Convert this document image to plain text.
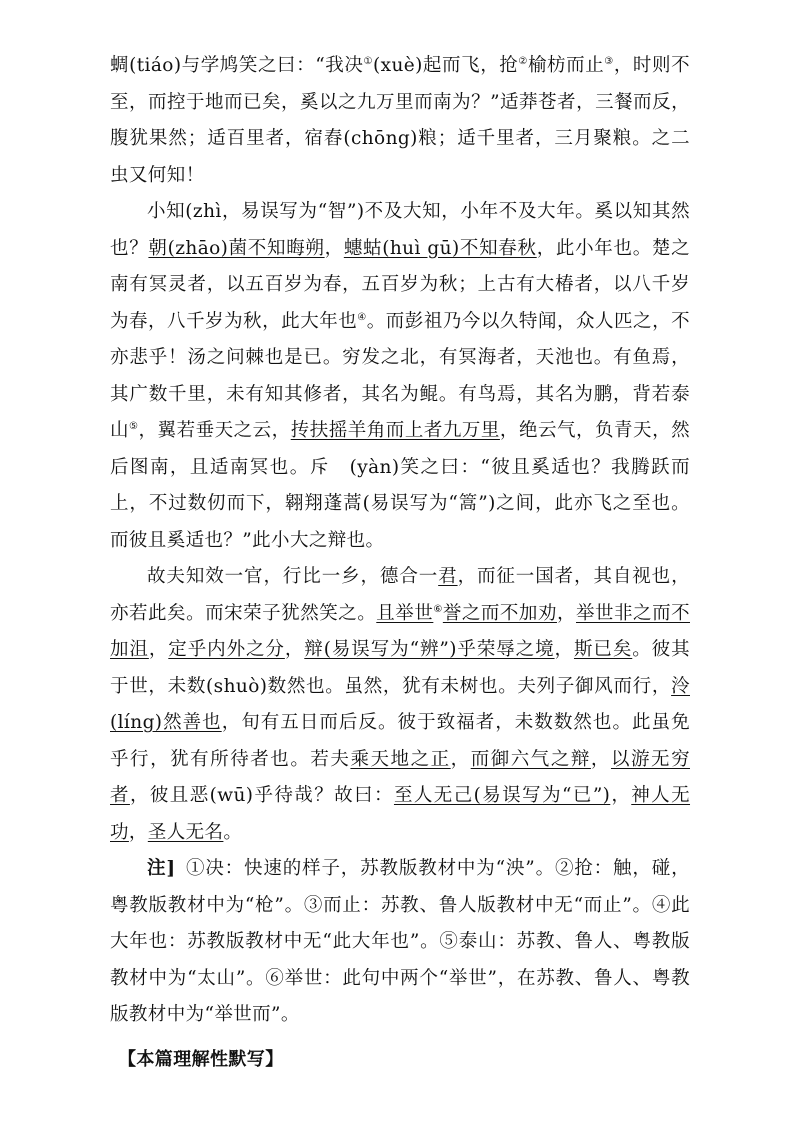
蜩(tiáo)与学鸠笑之曰：“我决①(xuè)起而飞，抢②榆枋而止③，时则不至，而控于地而已矣，奚以之九万里而南为？”适莽苍者，三餐而反，腹犹果然；适百里者，宿舂(chōng)粮；适千里者，三月聚粮。之二虫又何知！

小知(zhì，易误写为“智”)不及大知，小年不及大年。奚以知其然也？朝(zhāo)菌不知晦朔，蟪蛄(huì gū)不知春秋，此小年也。楚之南有冥灵者，以五百岁为春，五百岁为秋；上古有大椿者，以八千岁为春，八千岁为秋，此大年也④。而彭祖乃今以久特闻，众人匹之，不亦悲乎！汤之问棘也是已。穷发之北，有冥海者，天池也。有鱼焉，其广数千里，未有知其修者，其名为鲲。有鸟焉，其名为鹏，背若泰山⑤，翼若垂天之云，抟扶摇羊角而上者九万里，绝云气，负青天，然后图南，且适南冥也。斥　(yàn)笑之曰：“彼且奚适也？我腾跃而上，不过数仞而下，翱翔蓬蒿(易误写为“篙”)之间，此亦飞之至也。而彼且奚适也？”此小大之辩也。

故夫知效一官，行比一乡，德合一君，而征一国者，其自视也，亦若此矣。而宋荣子犹然笑之。且举世⑥誉之而不加劝，举世非之而不加沮，定乎内外之分，辩(易误写为“辨”)乎荣辱之境，斯已矣。彼其于世，未数(shuò)数然也。虽然，犹有未树也。夫列子御风而行，泠(líng)然善也，旬有五日而后反。彼于致福者，未数数然也。此虽免乎行，犹有所待者也。若夫乘天地之正，而御六气之辩，以游无穷者，彼且恶(wū)乎待哉？故曰：至人无己(易误写为“已”)，神人无功，圣人无名。

注] ①决：快速的样子，苏教版教材中为“泱”。②抢：触，碰，粤教版教材中为“枪”。③而止：苏教、鲁人版教材中无“而止”。④此大年也：苏教版教材中无“此大年也”。⑤泰山：苏教、鲁人、粤教版教材中为“太山”。⑥举世：此句中两个“举世”，在苏教、鲁人、粤教版教材中为“举世而”。

【本篇理解性默写】
